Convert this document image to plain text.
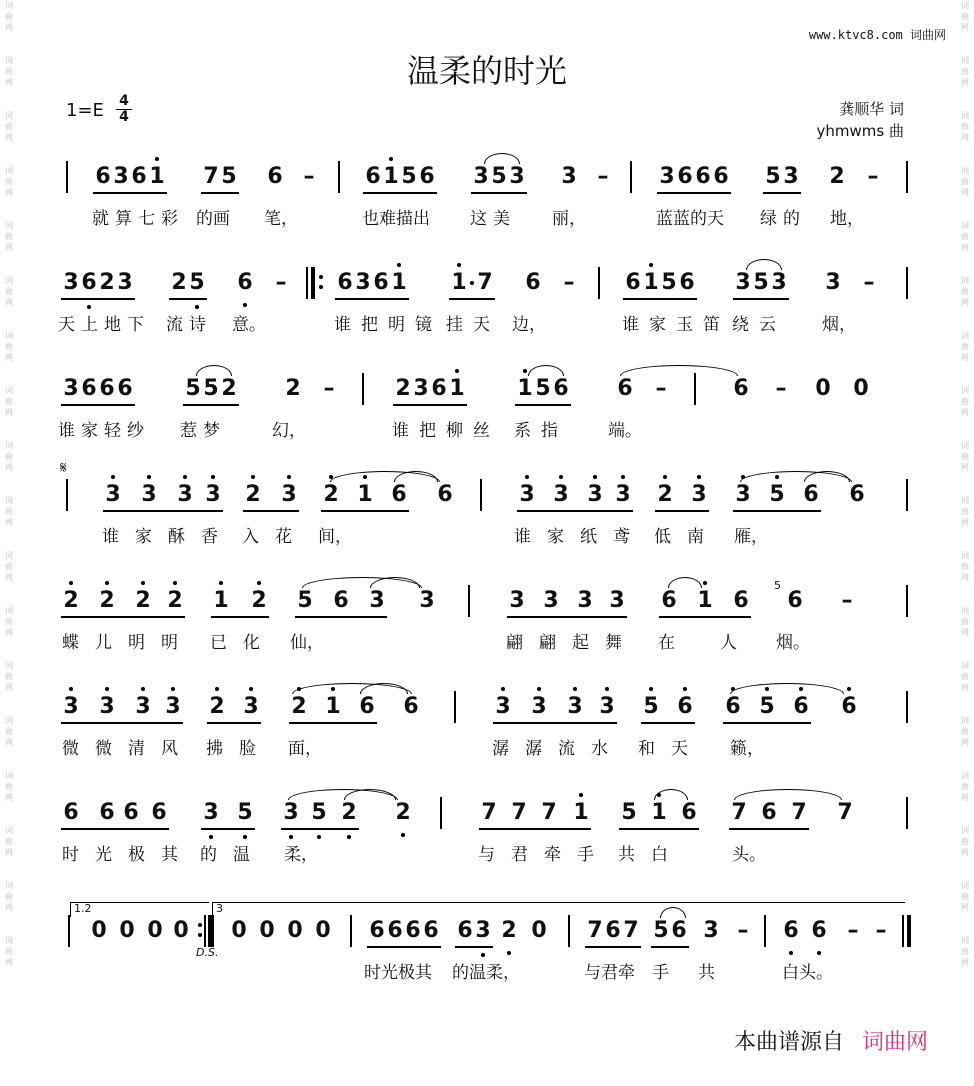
词
曲
网
词
曲
网
词
曲
网
词
曲
网
词
曲
网
词
曲
网
词
曲
网
词
曲
网
词
曲
网
词
曲
网
词
曲
网
词
曲
网
词
曲
网
词
曲
网
词
曲
网
词
曲
网
词
曲
网
词
曲
网
词
曲
网
词
曲
网
词
曲
网
词
曲
网
词
曲
网
词
曲
网
词
曲
网
词
曲
网
词
曲
网
词
曲
网
词
曲
网
词
曲
网
词
曲
网
词
曲
网
词
曲
网
词
曲
网
词
曲
网
词
曲
网
www.ktvc8.com 词曲网
温柔的时光
1=E 4
4	龚顺华 词
yhmwms 曲
6 3 6 1 7 5 6 – 6 1 5 6 3 5 3 3 – 3 6 6 6 5 3 2 –
3 6 2 3 2 5 6 – 6 3 6 1 1 7 6 – 6 1 5 6 3 5 3 3 –
3 6 6 6 5 5 2 2 –	2 3 6 1 1 5 6 6 –	6 – 0 0
3 3 3 3 2 3 2 1 6 6	3 3 3 3 2 3 3 5 6 6
2 2 2 2 1 2 5 6 3 3	3 3 3 3 6 1 6
5
6 –
3 3 3 3 2 3 2 1 6 6	3 3 3 3 5 6 6 5 6 6
6 6 6 6 3 5 3 5 2 2	7 7 7 1 5 1 6 7 6 7 7
0 0 0 0 0 0 0 0 6 6 6 6 6 3 2 0 7 6 7 5 6 3 – 6 6 – –
𝄋
D.S.
1.2	3
就算七彩 的画 笔，	也难描出 这美 丽，	蓝蓝的天 绿的 地，
天上地下 流诗 意。	谁把明镜 挂天 边，	谁家玉笛 绕云 烟，
谁家轻纱 惹梦	幻，	谁把柳丝 系指 端。
谁家酥香 入花 间，	谁家纸鸢 低南 雁，
蝶儿明明 已化 仙，	翩翩起舞 在	人 烟。
微微清风 拂脸 面，	潺潺流水 和天 籁，
时光极其 的温 柔，	与君牵手 共白	头。
时光极其 的温柔，	与君牵 手 共	白头。
本曲谱源自 词曲网
